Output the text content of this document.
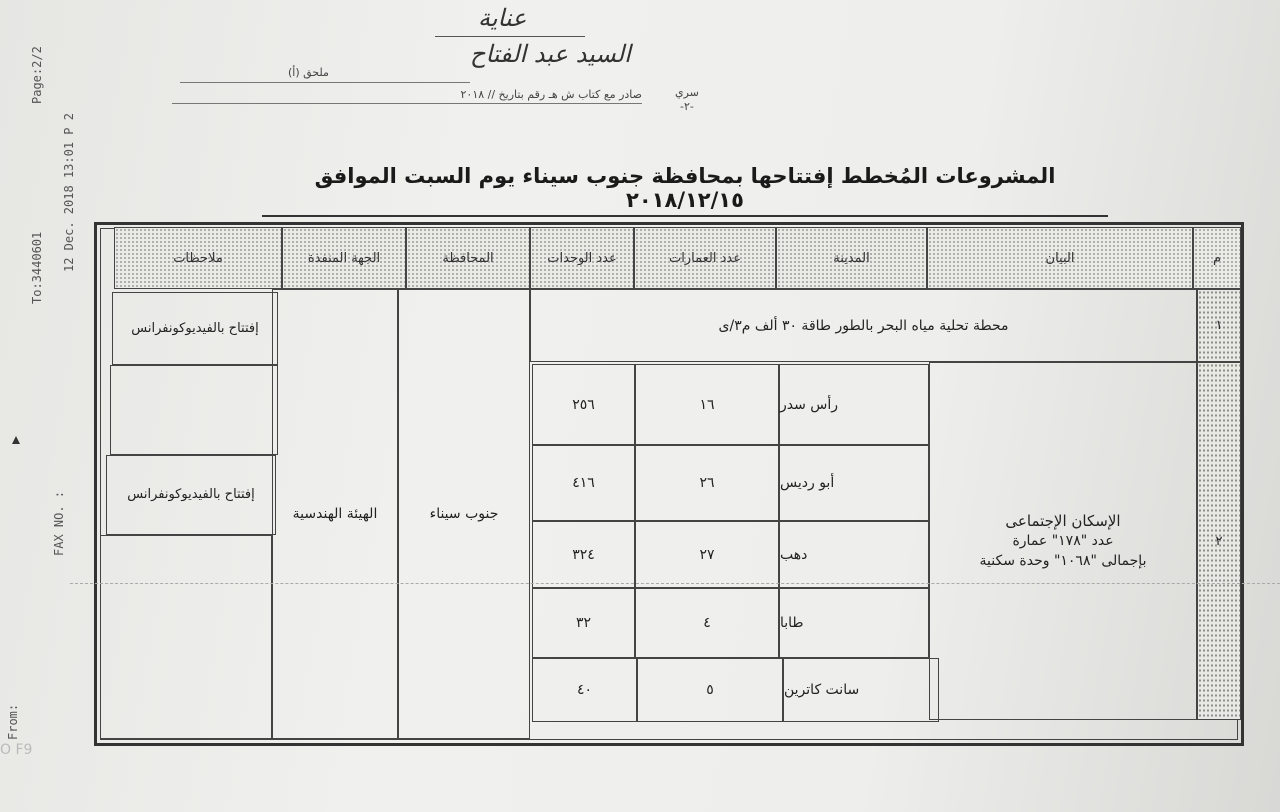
Page:2/2
12 Dec. 2018 13:01 P 2
To:3440601
FAX NO. :
From:
عناية
السيد عبد الفتاح
ملحق (أ)
صادر مع كتاب ش هـ رقم بتاريخ // ٢٠١٨	سري
-٢-
المشروعات المُخطط إفتتاحها بمحافظة جنوب سيناء يوم السبت الموافق ٢٠١٨/١٢/١٥
م
البيان
المدينة
عدد العمارات
عدد الوحدات
المحافظة
الجهة المنفذة
ملاحظات
١
٢
محطة تحلية مياه البحر بالطور طاقة ٣٠ ألف م٣/ى
الإسكان الإجتماعى
عدد "١٧٨" عمارة
بإجمالى "١٠٦٨" وحدة سكنية
رأس سدر
١٦
٢٥٦
أبو رديس
٢٦
٤١٦
دهب
٢٧
٣٢٤
طابا
٤
٣٢
سانت كاترين
٥
٤٠
جنوب سيناء
الهيئة الهندسية
إفتتاح بالفيديوكونفرانس
إفتتاح بالفيديوكونفرانس
O F9
